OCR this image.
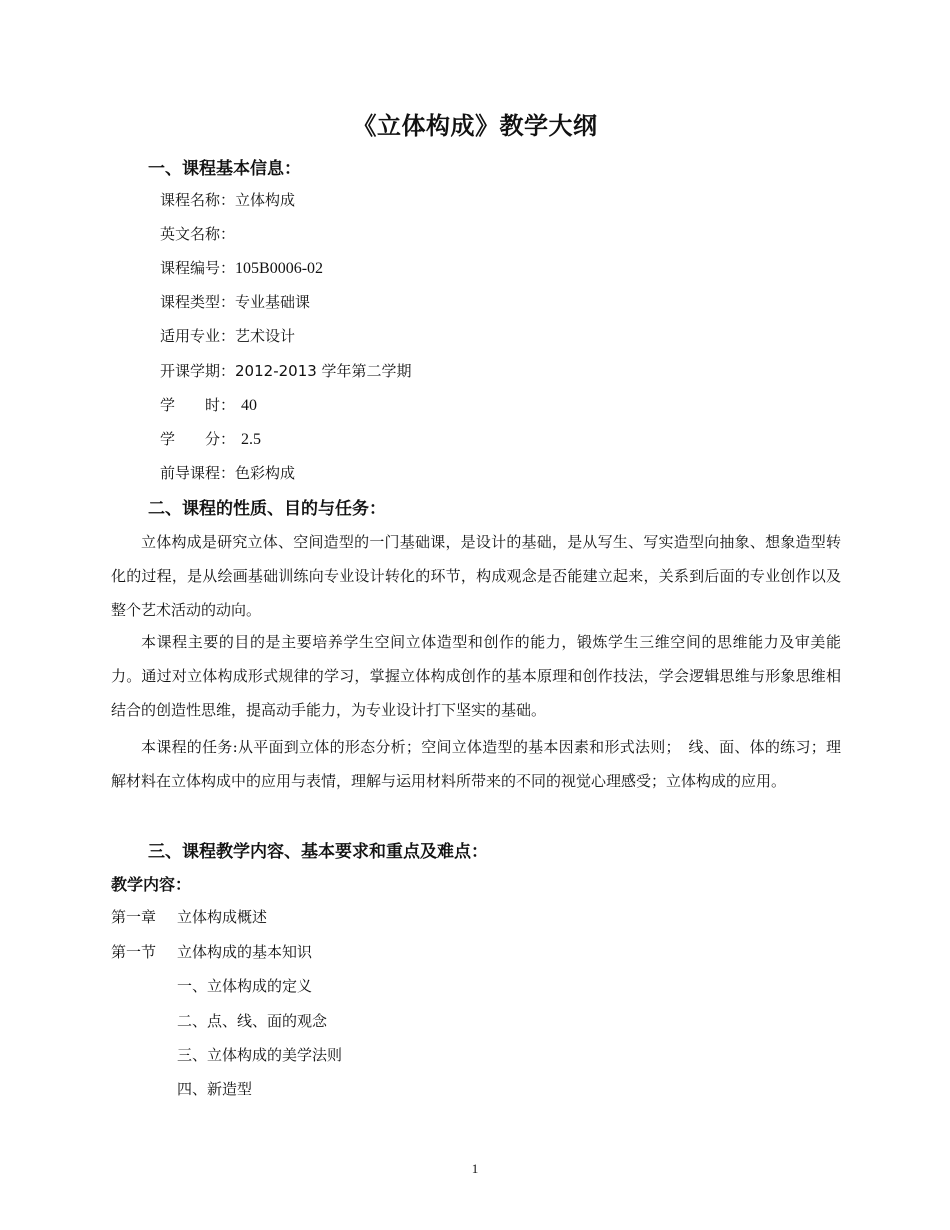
《立体构成》教学大纲
一、课程基本信息：
课程名称：立体构成
英文名称：
课程编号：105B0006-02
课程类型：专业基础课
适用专业：艺术设计
开课学期：2012-2013 学年第二学期
学　　时： 40
学　　分： 2.5
前导课程：色彩构成
二、课程的性质、目的与任务：
立体构成是研究立体、空间造型的一门基础课，是设计的基础，是从写生、写实造型向抽象、想象造型转化的过程，是从绘画基础训练向专业设计转化的环节，构成观念是否能建立起来，关系到后面的专业创作以及整个艺术活动的动向。
本课程主要的目的是主要培养学生空间立体造型和创作的能力，锻炼学生三维空间的思维能力及审美能力。通过对立体构成形式规律的学习，掌握立体构成创作的基本原理和创作技法，学会逻辑思维与形象思维相结合的创造性思维，提高动手能力，为专业设计打下坚实的基础。
本课程的任务:从平面到立体的形态分析；空间立体造型的基本因素和形式法则；　线、面、体的练习；理解材料在立体构成中的应用与表情，理解与运用材料所带来的不同的视觉心理感受；立体构成的应用。
三、课程教学内容、基本要求和重点及难点：
教学内容：
第一章 立体构成概述
第一节 立体构成的基本知识
一、立体构成的定义
二、点、线、面的观念
三、立体构成的美学法则
四、新造型
1
